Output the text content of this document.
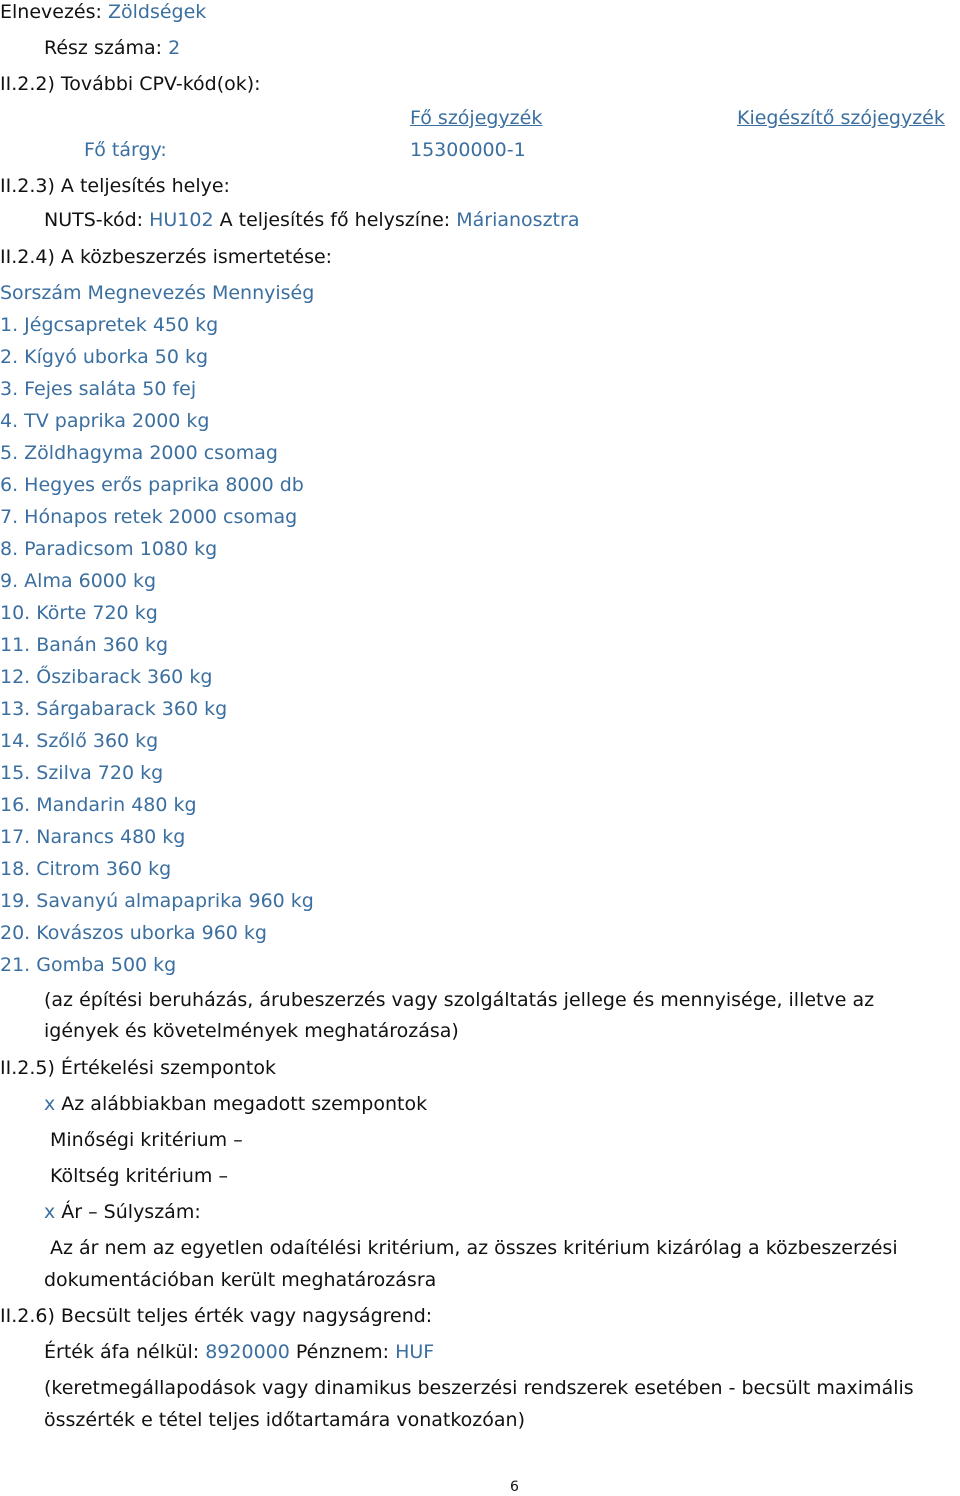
Elnevezés: Zöldségek
Rész száma: 2
II.2.2) További CPV-kód(ok):
Fő szójegyzék	Kiegészítő szójegyzék
Fő tárgy:	15300000-1
II.2.3) A teljesítés helye:
NUTS-kód: HU102 A teljesítés fő helyszíne: Márianosztra
II.2.4) A közbeszerzés ismertetése:
Sorszám Megnevezés Mennyiség
1. Jégcsapretek 450 kg
2. Kígyó uborka 50 kg
3. Fejes saláta 50 fej
4. TV paprika 2000 kg
5. Zöldhagyma 2000 csomag
6. Hegyes erős paprika 8000 db
7. Hónapos retek 2000 csomag
8. Paradicsom 1080 kg
9. Alma 6000 kg
10. Körte 720 kg
11. Banán 360 kg
12. Őszibarack 360 kg
13. Sárgabarack 360 kg
14. Szőlő 360 kg
15. Szilva 720 kg
16. Mandarin 480 kg
17. Narancs 480 kg
18. Citrom 360 kg
19. Savanyú almapaprika 960 kg
20. Kovászos uborka 960 kg
21. Gomba 500 kg
(az építési beruházás, árubeszerzés vagy szolgáltatás jellege és mennyisége, illetve az
igények és követelmények meghatározása)
II.2.5) Értékelési szempontok
x Az alábbiakban megadott szempontok
Minőségi kritérium –
Költség kritérium –
x Ár – Súlyszám:
Az ár nem az egyetlen odaítélési kritérium, az összes kritérium kizárólag a közbeszerzési
dokumentációban került meghatározásra
II.2.6) Becsült teljes érték vagy nagyságrend:
Érték áfa nélkül: 8920000 Pénznem: HUF
(keretmegállapodások vagy dinamikus beszerzési rendszerek esetében - becsült maximális
összérték e tétel teljes időtartamára vonatkozóan)
6
